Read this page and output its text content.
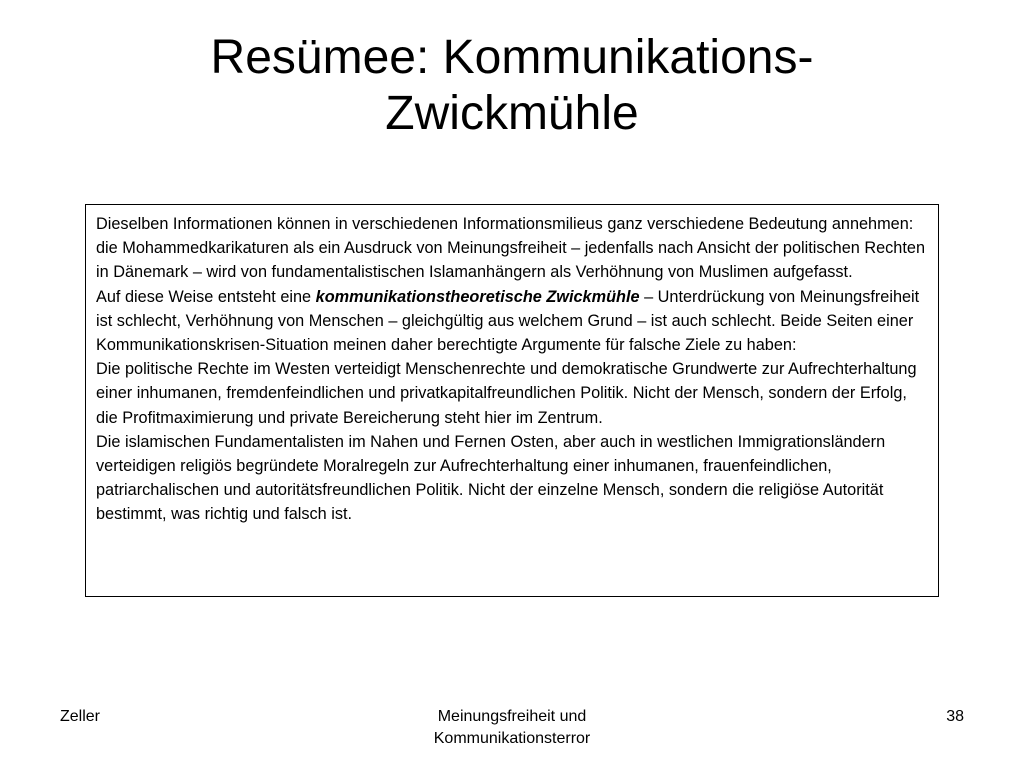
Resümee: Kommunikations-
Zwickmühle

Dieselben Informationen können in verschiedenen Informationsmilieus ganz verschiedene Bedeutung annehmen: die Mohammedkarikaturen als ein Ausdruck von Meinungsfreiheit – jedenfalls nach Ansicht der politischen Rechten in Dänemark – wird von fundamentalistischen Islamanhängern als Verhöhnung von Muslimen aufgefasst.

Auf diese Weise entsteht eine kommunikationstheoretische Zwickmühle – Unterdrückung von Meinungsfreiheit ist schlecht, Verhöhnung von Menschen – gleichgültig aus welchem Grund – ist auch schlecht. Beide Seiten einer Kommunikationskrisen-Situation meinen daher berechtigte Argumente für falsche Ziele zu haben:

Die politische Rechte im Westen verteidigt Menschenrechte und demokratische Grundwerte zur Aufrechterhaltung einer inhumanen, fremdenfeindlichen und privatkapitalfreundlichen Politik. Nicht der Mensch, sondern der Erfolg, die Profitmaximierung und private Bereicherung steht hier im Zentrum.

Die islamischen Fundamentalisten im Nahen und Fernen Osten, aber auch in westlichen Immigrationsländern verteidigen religiös begründete Moralregeln zur Aufrechterhaltung einer inhumanen, frauenfeindlichen, patriarchalischen und autoritätsfreundlichen Politik. Nicht der einzelne Mensch, sondern die religiöse Autorität bestimmt, was richtig und falsch ist.

Zeller	Meinungsfreiheit und
Kommunikationsterror
38
